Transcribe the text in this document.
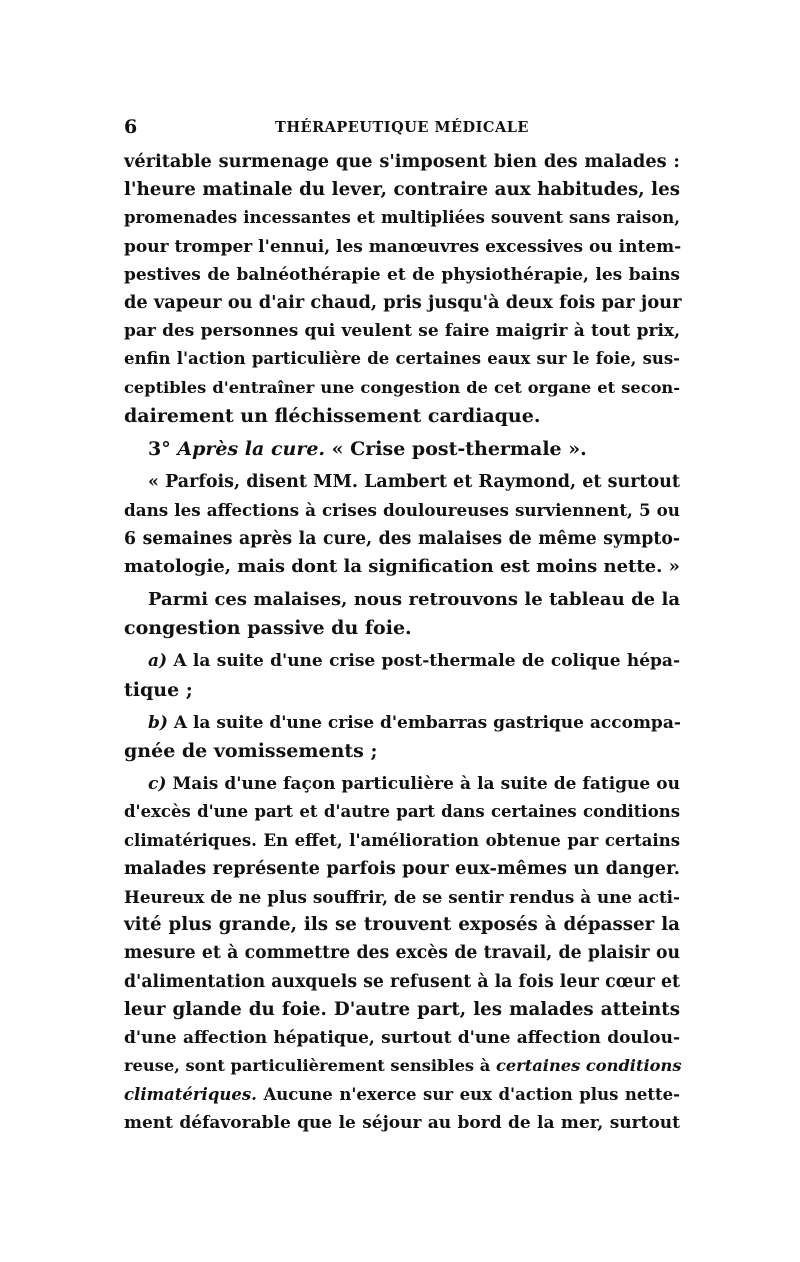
6	THÉRAPEUTIQUE MÉDICALE

véritable surmenage que s'imposent bien des malades :
l'heure matinale du lever, contraire aux habitudes, les
promenades incessantes et multipliées souvent sans raison,
pour tromper l'ennui, les manœuvres excessives ou intem-
pestives de balnéothérapie et de physiothérapie, les bains
de vapeur ou d'air chaud, pris jusqu'à deux fois par jour
par des personnes qui veulent se faire maigrir à tout prix,
enfin l'action particulière de certaines eaux sur le foie, sus-
ceptibles d'entraîner une congestion de cet organe et secon-
dairement un fléchissement cardiaque.

3° Après la cure. « Crise post-thermale ».

« Parfois, disent MM. Lambert et Raymond, et surtout
dans les affections à crises douloureuses surviennent, 5 ou
6 semaines après la cure, des malaises de même sympto-
matologie, mais dont la signification est moins nette. »

Parmi ces malaises, nous retrouvons le tableau de la
congestion passive du foie.

a) A la suite d'une crise post-thermale de colique hépa-
tique ;

b) A la suite d'une crise d'embarras gastrique accompa-
gnée de vomissements ;

c) Mais d'une façon particulière à la suite de fatigue ou
d'excès d'une part et d'autre part dans certaines conditions
climatériques. En effet, l'amélioration obtenue par certains
malades représente parfois pour eux-mêmes un danger.
Heureux de ne plus souffrir, de se sentir rendus à une acti-
vité plus grande, ils se trouvent exposés à dépasser la
mesure et à commettre des excès de travail, de plaisir ou
d'alimentation auxquels se refusent à la fois leur cœur et
leur glande du foie. D'autre part, les malades atteints
d'une affection hépatique, surtout d'une affection doulou-
reuse, sont particulièrement sensibles à certaines conditions
climatériques. Aucune n'exerce sur eux d'action plus nette-
ment défavorable que le séjour au bord de la mer, surtout
